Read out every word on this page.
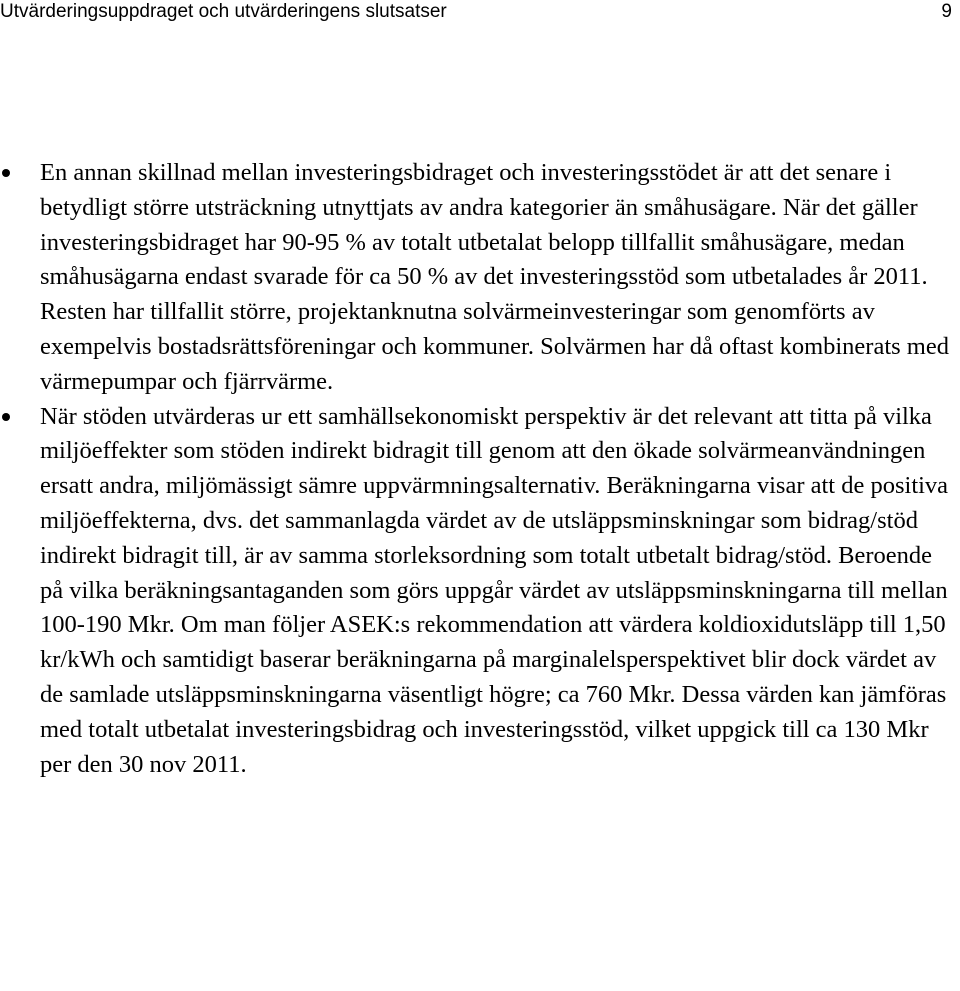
Utvärderingsuppdraget och utvärderingens slutsatser	9
En annan skillnad mellan investeringsbidraget och investeringsstödet är att det senare i betydligt större utsträckning utnyttjats av andra kategorier än småhusägare. När det gäller investeringsbidraget har 90-95 % av totalt utbetalat belopp tillfallit småhusägare, medan småhusägarna endast svarade för ca 50 % av det investeringsstöd som utbetalades år 2011. Resten har tillfallit större, projektanknutna solvärmeinvesteringar som genomförts av exempelvis bostadsrättsföreningar och kommuner. Solvärmen har då oftast kombinerats med värmepumpar och fjärrvärme.
När stöden utvärderas ur ett samhällsekonomiskt perspektiv är det relevant att titta på vilka miljöeffekter som stöden indirekt bidragit till genom att den ökade solvärmeanvändningen ersatt andra, miljömässigt sämre uppvärmningsalternativ. Beräkningarna visar att de positiva miljöeffekterna, dvs. det sammanlagda värdet av de utsläppsminskningar som bidrag/stöd indirekt bidragit till, är av samma storleksordning som totalt utbetalt bidrag/stöd. Beroende på vilka beräkningsantaganden som görs uppgår värdet av utsläppsminskningarna till mellan 100-190 Mkr. Om man följer ASEK:s rekommendation att värdera koldioxidutsläpp till 1,50 kr/kWh och samtidigt baserar beräkningarna på marginalelsperspektivet blir dock värdet av de samlade utsläppsminskningarna väsentligt högre; ca 760 Mkr. Dessa värden kan jämföras med totalt utbetalat investeringsbidrag och investeringsstöd, vilket uppgick till ca 130 Mkr per den 30 nov 2011.
